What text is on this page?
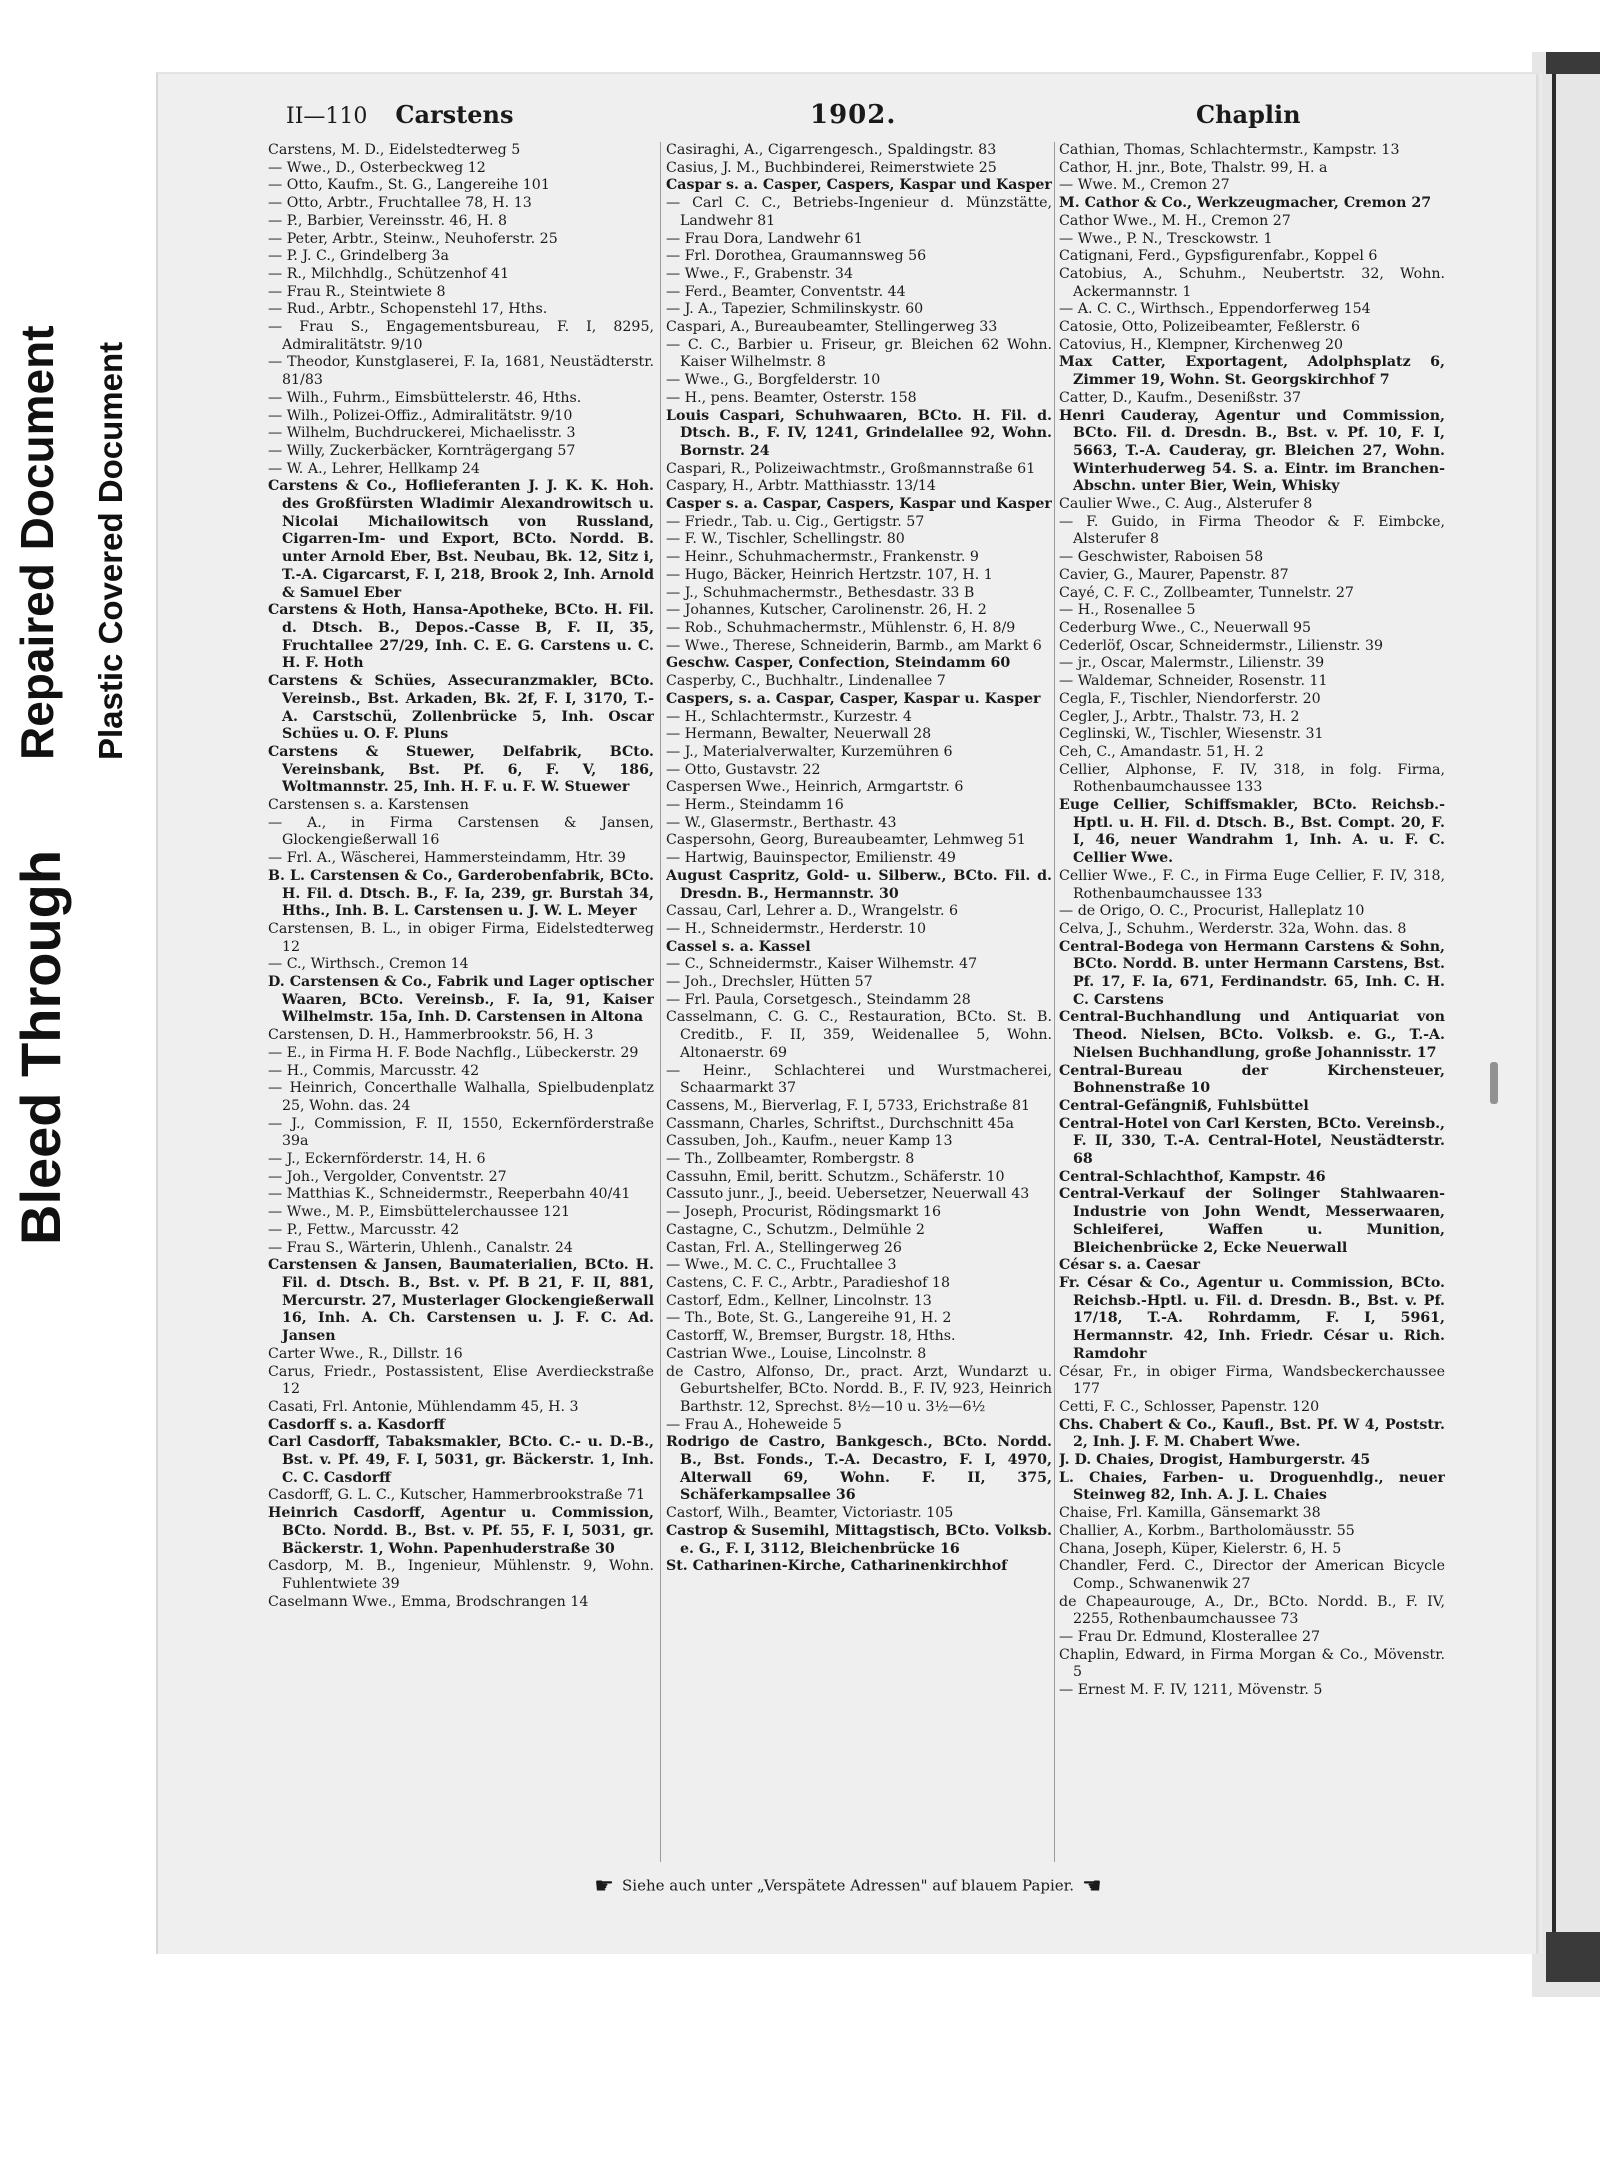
Bleed Through
Repaired Document Plastic Covered Document
II—110 Carstens	1902.	Chaplin

Carstens, M. D., Eidelstedterweg 5

— Wwe., D., Osterbeckweg 12

— Otto, Kaufm., St. G., Langereihe 101

— Otto, Arbtr., Fruchtallee 78, H. 13

— P., Barbier, Vereinsstr. 46, H. 8

— Peter, Arbtr., Steinw., Neuhoferstr. 25

— P. J. C., Grindelberg 3a

— R., Milchhdlg., Schützenhof 41

— Frau R., Steintwiete 8

— Rud., Arbtr., Schopenstehl 17, Hths.

— Frau S., Engagementsbureau, F. I, 8295, Admiralitätstr. 9/10

— Theodor, Kunstglaserei, F. Ia, 1681, Neustädterstr. 81/83

— Wilh., Fuhrm., Eimsbüttelerstr. 46, Hths.

— Wilh., Polizei-Offiz., Admiralitätstr. 9/10

— Wilhelm, Buchdruckerei, Michaelisstr. 3

— Willy, Zuckerbäcker, Kornträgergang 57

— W. A., Lehrer, Hellkamp 24

Carstens & Co., Hoflieferanten J. J. K. K. Hoh. des Großfürsten Wladimir Alexandrowitsch u. Nicolai Michailowitsch von Russland, Cigarren-Im- und Export, BCto. Nordd. B. unter Arnold Eber, Bst. Neubau, Bk. 12, Sitz i, T.-A. Cigarcarst, F. I, 218, Brook 2, Inh. Arnold & Samuel Eber

Carstens & Hoth, Hansa-Apotheke, BCto. H. Fil. d. Dtsch. B., Depos.-Casse B, F. II, 35, Fruchtallee 27/29, Inh. C. E. G. Carstens u. C. H. F. Hoth

Carstens & Schües, Assecuranzmakler, BCto. Vereinsb., Bst. Arkaden, Bk. 2f, F. I, 3170, T.-A. Carstschü, Zollenbrücke 5, Inh. Oscar Schües u. O. F. Pluns

Carstens & Stuewer, Delfabrik, BCto. Vereinsbank, Bst. Pf. 6, F. V, 186, Woltmannstr. 25, Inh. H. F. u. F. W. Stuewer

Carstensen s. a. Karstensen

— A., in Firma Carstensen & Jansen, Glockengießerwall 16

— Frl. A., Wäscherei, Hammersteindamm, Htr. 39

B. L. Carstensen & Co., Garderobenfabrik, BCto. H. Fil. d. Dtsch. B., F. Ia, 239, gr. Burstah 34, Hths., Inh. B. L. Carstensen u. J. W. L. Meyer

Carstensen, B. L., in obiger Firma, Eidelstedterweg 12

— C., Wirthsch., Cremon 14

D. Carstensen & Co., Fabrik und Lager optischer Waaren, BCto. Vereinsb., F. Ia, 91, Kaiser Wilhelmstr. 15a, Inh. D. Carstensen in Altona

Carstensen, D. H., Hammerbrookstr. 56, H. 3

— E., in Firma H. F. Bode Nachflg., Lübeckerstr. 29

— H., Commis, Marcusstr. 42

— Heinrich, Concerthalle Walhalla, Spielbudenplatz 25, Wohn. das. 24

— J., Commission, F. II, 1550, Eckernförderstraße 39a

— J., Eckernförderstr. 14, H. 6

— Joh., Vergolder, Conventstr. 27

— Matthias K., Schneidermstr., Reeperbahn 40/41

— Wwe., M. P., Eimsbüttelerchaussee 121

— P., Fettw., Marcusstr. 42

— Frau S., Wärterin, Uhlenh., Canalstr. 24

Carstensen & Jansen, Baumaterialien, BCto. H. Fil. d. Dtsch. B., Bst. v. Pf. B 21, F. II, 881, Mercurstr. 27, Musterlager Glockengießerwall 16, Inh. A. Ch. Carstensen u. J. F. C. Ad. Jansen

Carter Wwe., R., Dillstr. 16

Carus, Friedr., Postassistent, Elise Averdieckstraße 12

Casati, Frl. Antonie, Mühlendamm 45, H. 3

Casdorff s. a. Kasdorff

Carl Casdorff, Tabaksmakler, BCto. C.- u. D.-B., Bst. v. Pf. 49, F. I, 5031, gr. Bäckerstr. 1, Inh. C. C. Casdorff

Casdorff, G. L. C., Kutscher, Hammerbrookstraße 71

Heinrich Casdorff, Agentur u. Commission, BCto. Nordd. B., Bst. v. Pf. 55, F. I, 5031, gr. Bäckerstr. 1, Wohn. Papenhuderstraße 30

Casdorp, M. B., Ingenieur, Mühlenstr. 9, Wohn. Fuhlentwiete 39

Caselmann Wwe., Emma, Brodschrangen 14

Casiraghi, A., Cigarrengesch., Spaldingstr. 83

Casius, J. M., Buchbinderei, Reimerstwiete 25

Caspar s. a. Casper, Caspers, Kaspar und Kasper

— Carl C. C., Betriebs-Ingenieur d. Münzstätte, Landwehr 81

— Frau Dora, Landwehr 61

— Frl. Dorothea, Graumannsweg 56

— Wwe., F., Grabenstr. 34

— Ferd., Beamter, Conventstr. 44

— J. A., Tapezier, Schmilinskystr. 60

Caspari, A., Bureaubeamter, Stellingerweg 33

— C. C., Barbier u. Friseur, gr. Bleichen 62 Wohn. Kaiser Wilhelmstr. 8

— Wwe., G., Borgfelderstr. 10

— H., pens. Beamter, Osterstr. 158

Louis Caspari, Schuhwaaren, BCto. H. Fil. d. Dtsch. B., F. IV, 1241, Grindelallee 92, Wohn. Bornstr. 24

Caspari, R., Polizeiwachtmstr., Großmannstraße 61

Caspary, H., Arbtr. Matthiasstr. 13/14

Casper s. a. Caspar, Caspers, Kaspar und Kasper

— Friedr., Tab. u. Cig., Gertigstr. 57

— F. W., Tischler, Schellingstr. 80

— Heinr., Schuhmachermstr., Frankenstr. 9

— Hugo, Bäcker, Heinrich Hertzstr. 107, H. 1

— J., Schuhmachermstr., Bethesdastr. 33 B

— Johannes, Kutscher, Carolinenstr. 26, H. 2

— Rob., Schuhmachermstr., Mühlenstr. 6, H. 8/9

— Wwe., Therese, Schneiderin, Barmb., am Markt 6

Geschw. Casper, Confection, Steindamm 60

Casperby, C., Buchhaltr., Lindenallee 7

Caspers, s. a. Caspar, Casper, Kaspar u. Kasper

— H., Schlachtermstr., Kurzestr. 4

— Hermann, Bewalter, Neuerwall 28

— J., Materialverwalter, Kurzemühren 6

— Otto, Gustavstr. 22

Caspersen Wwe., Heinrich, Armgartstr. 6

— Herm., Steindamm 16

— W., Glasermstr., Berthastr. 43

Caspersohn, Georg, Bureaubeamter, Lehmweg 51

— Hartwig, Bauinspector, Emilienstr. 49

August Caspritz, Gold- u. Silberw., BCto. Fil. d. Dresdn. B., Hermannstr. 30

Cassau, Carl, Lehrer a. D., Wrangelstr. 6

— H., Schneidermstr., Herderstr. 10

Cassel s. a. Kassel

— C., Schneidermstr., Kaiser Wilhemstr. 47

— Joh., Drechsler, Hütten 57

— Frl. Paula, Corsetgesch., Steindamm 28

Casselmann, C. G. C., Restauration, BCto. St. B. Creditb., F. II, 359, Weidenallee 5, Wohn. Altonaerstr. 69

— Heinr., Schlachterei und Wurstmacherei, Schaarmarkt 37

Cassens, M., Bierverlag, F. I, 5733, Erichstraße 81

Cassmann, Charles, Schriftst., Durchschnitt 45a

Cassuben, Joh., Kaufm., neuer Kamp 13

— Th., Zollbeamter, Rombergstr. 8

Cassuhn, Emil, beritt. Schutzm., Schäferstr. 10

Cassuto junr., J., beeid. Uebersetzer, Neuerwall 43

— Joseph, Procurist, Rödingsmarkt 16

Castagne, C., Schutzm., Delmühle 2

Castan, Frl. A., Stellingerweg 26

— Wwe., M. C. C., Fruchtallee 3

Castens, C. F. C., Arbtr., Paradieshof 18

Castorf, Edm., Kellner, Lincolnstr. 13

— Th., Bote, St. G., Langereihe 91, H. 2

Castorff, W., Bremser, Burgstr. 18, Hths.

Castrian Wwe., Louise, Lincolnstr. 8

de Castro, Alfonso, Dr., pract. Arzt, Wundarzt u. Geburtshelfer, BCto. Nordd. B., F. IV, 923, Heinrich Barthstr. 12, Sprechst. 8½—10 u. 3½—6½

— Frau A., Hoheweide 5

Rodrigo de Castro, Bankgesch., BCto. Nordd. B., Bst. Fonds., T.-A. Decastro, F. I, 4970, Alterwall 69, Wohn. F. II, 375, Schäferkampsallee 36

Castorf, Wilh., Beamter, Victoriastr. 105

Castrop & Susemihl, Mittagstisch, BCto. Volksb. e. G., F. I, 3112, Bleichenbrücke 16

St. Catharinen-Kirche, Catharinenkirchhof

Cathian, Thomas, Schlachtermstr., Kampstr. 13

Cathor, H. jnr., Bote, Thalstr. 99, H. a

— Wwe. M., Cremon 27

M. Cathor & Co., Werkzeugmacher, Cremon 27

Cathor Wwe., M. H., Cremon 27

— Wwe., P. N., Tresckowstr. 1

Catignani, Ferd., Gypsfigurenfabr., Koppel 6

Catobius, A., Schuhm., Neubertstr. 32, Wohn. Ackermannstr. 1

— A. C. C., Wirthsch., Eppendorferweg 154

Catosie, Otto, Polizeibeamter, Feßlerstr. 6

Catovius, H., Klempner, Kirchenweg 20

Max Catter, Exportagent, Adolphsplatz 6, Zimmer 19, Wohn. St. Georgskirchhof 7

Catter, D., Kaufm., Desenißstr. 37

Henri Cauderay, Agentur und Commission, BCto. Fil. d. Dresdn. B., Bst. v. Pf. 10, F. I, 5663, T.-A. Cauderay, gr. Bleichen 27, Wohn. Winterhuderweg 54. S. a. Eintr. im Branchen-Abschn. unter Bier, Wein, Whisky

Caulier Wwe., C. Aug., Alsterufer 8

— F. Guido, in Firma Theodor & F. Eimbcke, Alsterufer 8

— Geschwister, Raboisen 58

Cavier, G., Maurer, Papenstr. 87

Cayé, C. F. C., Zollbeamter, Tunnelstr. 27

— H., Rosenallee 5

Cederburg Wwe., C., Neuerwall 95

Cederlöf, Oscar, Schneidermstr., Lilienstr. 39

— jr., Oscar, Malermstr., Lilienstr. 39

— Waldemar, Schneider, Rosenstr. 11

Cegla, F., Tischler, Niendorferstr. 20

Cegler, J., Arbtr., Thalstr. 73, H. 2

Ceglinski, W., Tischler, Wiesenstr. 31

Ceh, C., Amandastr. 51, H. 2

Cellier, Alphonse, F. IV, 318, in folg. Firma, Rothenbaumchaussee 133

Euge Cellier, Schiffsmakler, BCto. Reichsb.-Hptl. u. H. Fil. d. Dtsch. B., Bst. Compt. 20, F. I, 46, neuer Wandrahm 1, Inh. A. u. F. C. Cellier Wwe.

Cellier Wwe., F. C., in Firma Euge Cellier, F. IV, 318, Rothenbaumchaussee 133

— de Origo, O. C., Procurist, Halleplatz 10

Celva, J., Schuhm., Werderstr. 32a, Wohn. das. 8

Central-Bodega von Hermann Carstens & Sohn, BCto. Nordd. B. unter Hermann Carstens, Bst. Pf. 17, F. Ia, 671, Ferdinandstr. 65, Inh. C. H. C. Carstens

Central-Buchhandlung und Antiquariat von Theod. Nielsen, BCto. Volksb. e. G., T.-A. Nielsen Buchhandlung, große Johannisstr. 17

Central-Bureau der Kirchensteuer, Bohnenstraße 10

Central-Gefängniß, Fuhlsbüttel

Central-Hotel von Carl Kersten, BCto. Vereinsb., F. II, 330, T.-A. Central-Hotel, Neustädterstr. 68

Central-Schlachthof, Kampstr. 46

Central-Verkauf der Solinger Stahlwaaren-Industrie von John Wendt, Messerwaaren, Schleiferei, Waffen u. Munition, Bleichenbrücke 2, Ecke Neuerwall

César s. a. Caesar

Fr. César & Co., Agentur u. Commission, BCto. Reichsb.-Hptl. u. Fil. d. Dresdn. B., Bst. v. Pf. 17/18, T.-A. Rohrdamm, F. I, 5961, Hermannstr. 42, Inh. Friedr. César u. Rich. Ramdohr

César, Fr., in obiger Firma, Wandsbeckerchaussee 177

Cetti, F. C., Schlosser, Papenstr. 120

Chs. Chabert & Co., Kaufl., Bst. Pf. W 4, Poststr. 2, Inh. J. F. M. Chabert Wwe.

J. D. Chaies, Drogist, Hamburgerstr. 45

L. Chaies, Farben- u. Droguenhdlg., neuer Steinweg 82, Inh. A. J. L. Chaies

Chaise, Frl. Kamilla, Gänsemarkt 38

Challier, A., Korbm., Bartholomäusstr. 55

Chana, Joseph, Küper, Kielerstr. 6, H. 5

Chandler, Ferd. C., Director der American Bicycle Comp., Schwanenwik 27

de Chapeaurouge, A., Dr., BCto. Nordd. B., F. IV, 2255, Rothenbaumchaussee 73

— Frau Dr. Edmund, Klosterallee 27

Chaplin, Edward, in Firma Morgan & Co., Mövenstr. 5

— Ernest M. F. IV, 1211, Mövenstr. 5

☛ Siehe auch unter „Verspätete Adressen" auf blauem Papier. ☚
